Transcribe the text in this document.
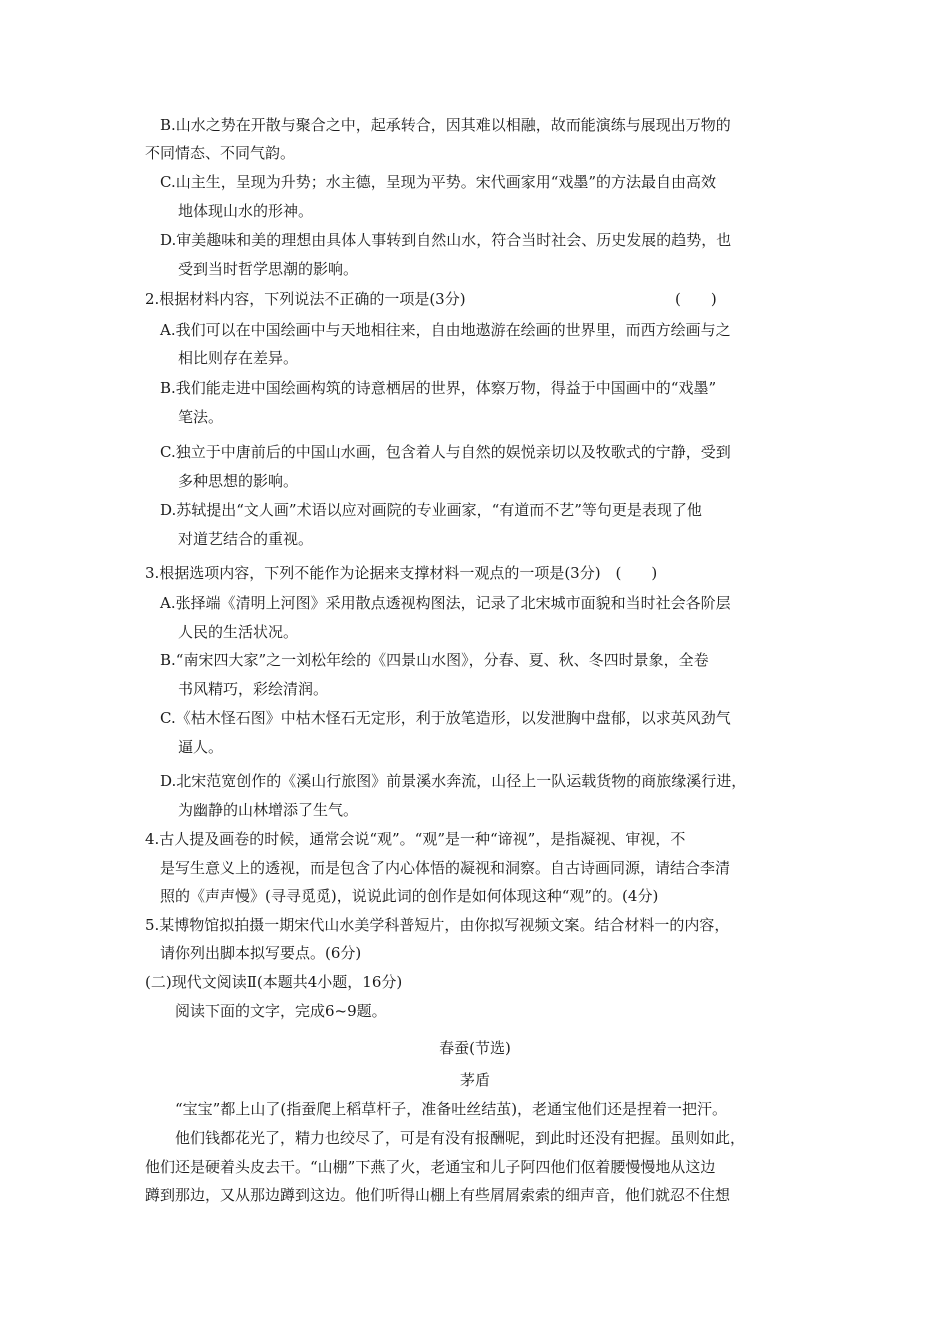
B.山水之势在开散与聚合之中，起承转合，因其难以相融，故而能演练与展现出万物的
不同情态、不同气韵。
C.山主生，呈现为升势；水主德，呈现为平势。宋代画家用“戏墨”的方法最自由高效
地体现山水的形神。
D.审美趣味和美的理想由具体人事转到自然山水，符合当时社会、历史发展的趋势，也
受到当时哲学思潮的影响。
2.根据材料内容，下列说法不正确的一项是(3分)	(　　)
A.我们可以在中国绘画中与天地相往来，自由地遨游在绘画的世界里，而西方绘画与之
相比则存在差异。
B.我们能走进中国绘画构筑的诗意栖居的世界，体察万物，得益于中国画中的“戏墨”
笔法。
C.独立于中唐前后的中国山水画，包含着人与自然的娱悦亲切以及牧歌式的宁静，受到
多种思想的影响。
D.苏轼提出“文人画”术语以应对画院的专业画家，“有道而不艺”等句更是表现了他
对道艺结合的重视。
3.根据选项内容，下列不能作为论据来支撑材料一观点的一项是(3分)　(　　)
A.张择端《清明上河图》采用散点透视构图法，记录了北宋城市面貌和当时社会各阶层
人民的生活状况。
B.“南宋四大家”之一刘松年绘的《四景山水图》，分春、夏、秋、冬四时景象，全卷
书风精巧，彩绘清润。
C.《枯木怪石图》中枯木怪石无定形，利于放笔造形，以发泄胸中盘郁，以求英风劲气
逼人。
D.北宋范宽创作的《溪山行旅图》前景溪水奔流，山径上一队运载货物的商旅缘溪行进，
为幽静的山林增添了生气。
4.古人提及画卷的时候，通常会说“观”。“观”是一种“谛视”，是指凝视、审视，不
是写生意义上的透视，而是包含了内心体悟的凝视和洞察。自古诗画同源，请结合李清
照的《声声慢》(寻寻觅觅)，说说此词的创作是如何体现这种“观”的。(4分)
5.某博物馆拟拍摄一期宋代山水美学科普短片，由你拟写视频文案。结合材料一的内容，
请你列出脚本拟写要点。(6分)
(二)现代文阅读Ⅱ(本题共4小题，16分)
阅读下面的文字，完成6~9题。
春蚕(节选)
茅盾
“宝宝”都上山了(指蚕爬上稻草杆子，准备吐丝结茧)，老通宝他们还是捏着一把汗。
他们钱都花光了，精力也绞尽了，可是有没有报酬呢，到此时还没有把握。虽则如此，
他们还是硬着头皮去干。“山棚”下燕了火，老通宝和儿子阿四他们伛着腰慢慢地从这边
蹲到那边，又从那边蹲到这边。他们听得山棚上有些屑屑索索的细声音，他们就忍不住想
